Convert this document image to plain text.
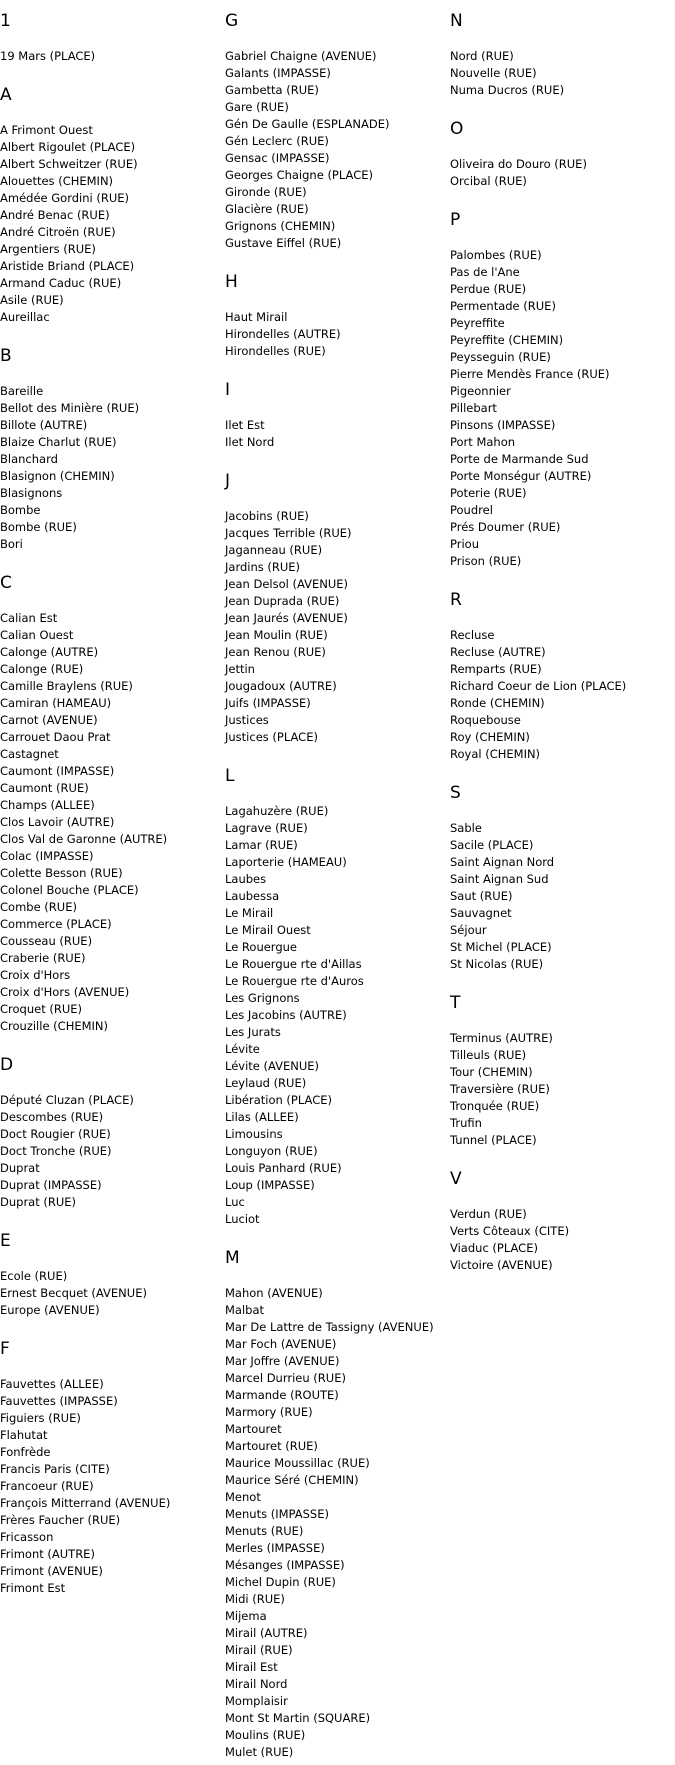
1
19 Mars (PLACE)
A
A Frimont Ouest
Albert Rigoulet (PLACE)
Albert Schweitzer (RUE)
Alouettes (CHEMIN)
Amédée Gordini (RUE)
André Benac (RUE)
André Citroën (RUE)
Argentiers (RUE)
Aristide Briand (PLACE)
Armand Caduc (RUE)
Asile (RUE)
Aureillac
B
Bareille
Bellot des Minière (RUE)
Billote (AUTRE)
Blaize Charlut (RUE)
Blanchard
Blasignon (CHEMIN)
Blasignons
Bombe
Bombe (RUE)
Bori
C
Calian Est
Calian Ouest
Calonge (AUTRE)
Calonge (RUE)
Camille Braylens (RUE)
Camiran (HAMEAU)
Carnot (AVENUE)
Carrouet Daou Prat
Castagnet
Caumont (IMPASSE)
Caumont (RUE)
Champs (ALLEE)
Clos Lavoir (AUTRE)
Clos Val de Garonne (AUTRE)
Colac (IMPASSE)
Colette Besson (RUE)
Colonel Bouche (PLACE)
Combe (RUE)
Commerce (PLACE)
Cousseau (RUE)
Craberie (RUE)
Croix d'Hors
Croix d'Hors (AVENUE)
Croquet (RUE)
Crouzille (CHEMIN)
D
Député Cluzan (PLACE)
Descombes (RUE)
Doct Rougier (RUE)
Doct Tronche (RUE)
Duprat
Duprat (IMPASSE)
Duprat (RUE)
E
Ecole (RUE)
Ernest Becquet (AVENUE)
Europe (AVENUE)
F
Fauvettes (ALLEE)
Fauvettes (IMPASSE)
Figuiers (RUE)
Flahutat
Fonfrède
Francis Paris (CITE)
Francoeur (RUE)
François Mitterrand (AVENUE)
Frères Faucher (RUE)
Fricasson
Frimont (AUTRE)
Frimont (AVENUE)
Frimont Est
G
Gabriel Chaigne (AVENUE)
Galants (IMPASSE)
Gambetta (RUE)
Gare (RUE)
Gén De Gaulle (ESPLANADE)
Gén Leclerc (RUE)
Gensac (IMPASSE)
Georges Chaigne (PLACE)
Gironde (RUE)
Glacière (RUE)
Grignons (CHEMIN)
Gustave Eiffel (RUE)
H
Haut Mirail
Hirondelles (AUTRE)
Hirondelles (RUE)
I
Ilet Est
Ilet Nord
J
Jacobins (RUE)
Jacques Terrible (RUE)
Jaganneau (RUE)
Jardins (RUE)
Jean Delsol (AVENUE)
Jean Duprada (RUE)
Jean Jaurés (AVENUE)
Jean Moulin (RUE)
Jean Renou (RUE)
Jettin
Jougadoux (AUTRE)
Juifs (IMPASSE)
Justices
Justices (PLACE)
L
Lagahuzère (RUE)
Lagrave (RUE)
Lamar (RUE)
Laporterie (HAMEAU)
Laubes
Laubessa
Le Mirail
Le Mirail Ouest
Le Rouergue
Le Rouergue rte d'Aillas
Le Rouergue rte d'Auros
Les Grignons
Les Jacobins (AUTRE)
Les Jurats
Lévite
Lévite (AVENUE)
Leylaud (RUE)
Libération (PLACE)
Lilas (ALLEE)
Limousins
Longuyon (RUE)
Louis Panhard (RUE)
Loup (IMPASSE)
Luc
Luciot
M
Mahon (AVENUE)
Malbat
Mar De Lattre de Tassigny (AVENUE)
Mar Foch (AVENUE)
Mar Joffre (AVENUE)
Marcel Durrieu (RUE)
Marmande (ROUTE)
Marmory (RUE)
Martouret
Martouret (RUE)
Maurice Moussillac (RUE)
Maurice Séré (CHEMIN)
Menot
Menuts (IMPASSE)
Menuts (RUE)
Merles (IMPASSE)
Mésanges (IMPASSE)
Michel Dupin (RUE)
Midi (RUE)
Mijema
Mirail (AUTRE)
Mirail (RUE)
Mirail Est
Mirail Nord
Momplaisir
Mont St Martin (SQUARE)
Moulins (RUE)
Mulet (RUE)
N
Nord (RUE)
Nouvelle (RUE)
Numa Ducros (RUE)
O
Oliveira do Douro (RUE)
Orcibal (RUE)
P
Palombes (RUE)
Pas de l'Ane
Perdue (RUE)
Permentade (RUE)
Peyreffite
Peyreffite (CHEMIN)
Peysseguin (RUE)
Pierre Mendès France (RUE)
Pigeonnier
Pillebart
Pinsons (IMPASSE)
Port Mahon
Porte de Marmande Sud
Porte Monségur (AUTRE)
Poterie (RUE)
Poudrel
Prés Doumer (RUE)
Priou
Prison (RUE)
R
Recluse
Recluse (AUTRE)
Remparts (RUE)
Richard Coeur de Lion (PLACE)
Ronde (CHEMIN)
Roquebouse
Roy (CHEMIN)
Royal (CHEMIN)
S
Sable
Sacile (PLACE)
Saint Aignan Nord
Saint Aignan Sud
Saut (RUE)
Sauvagnet
Séjour
St Michel (PLACE)
St Nicolas (RUE)
T
Terminus (AUTRE)
Tilleuls (RUE)
Tour (CHEMIN)
Traversière (RUE)
Tronquée (RUE)
Trufin
Tunnel (PLACE)
V
Verdun (RUE)
Verts Côteaux (CITE)
Viaduc (PLACE)
Victoire (AVENUE)
